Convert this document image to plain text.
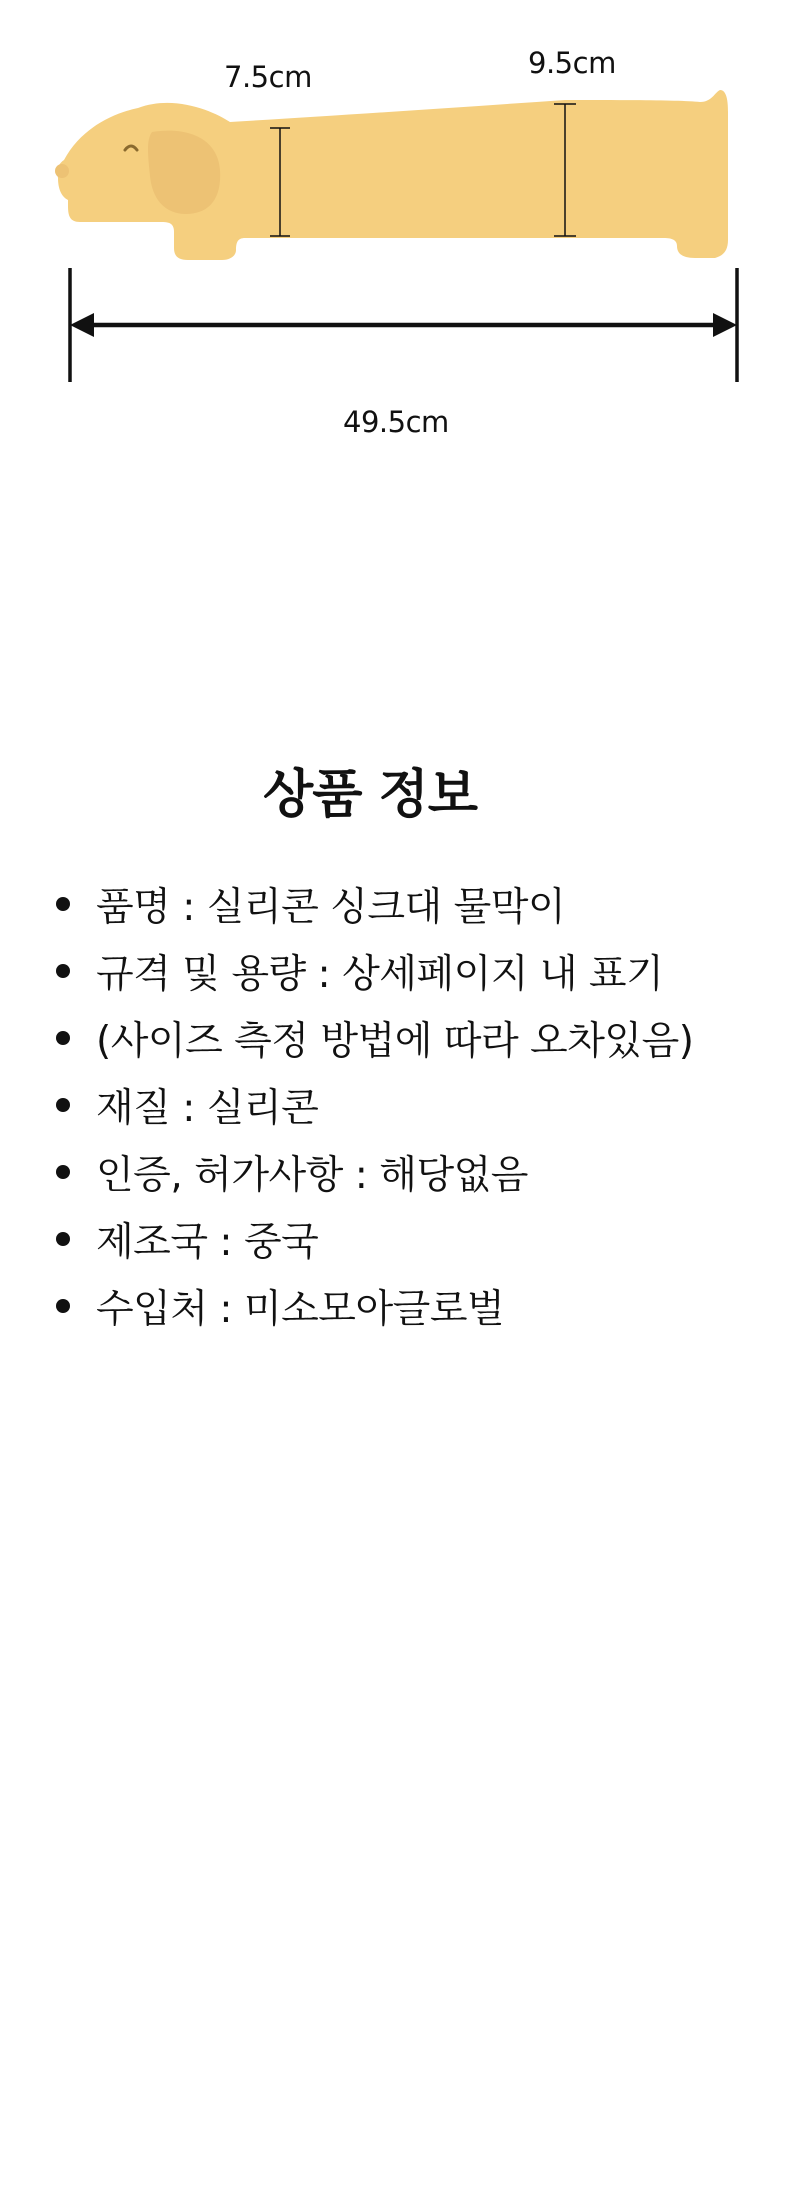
7.5cm	9.5cm
49.5cm
상품 정보
품명 : 실리콘 싱크대 물막이
규격 및 용량 : 상세페이지 내 표기
(사이즈 측정 방법에 따라 오차있음)
재질 : 실리콘
인증, 허가사항 : 해당없음
제조국 : 중국
수입처 : 미소모아글로벌
